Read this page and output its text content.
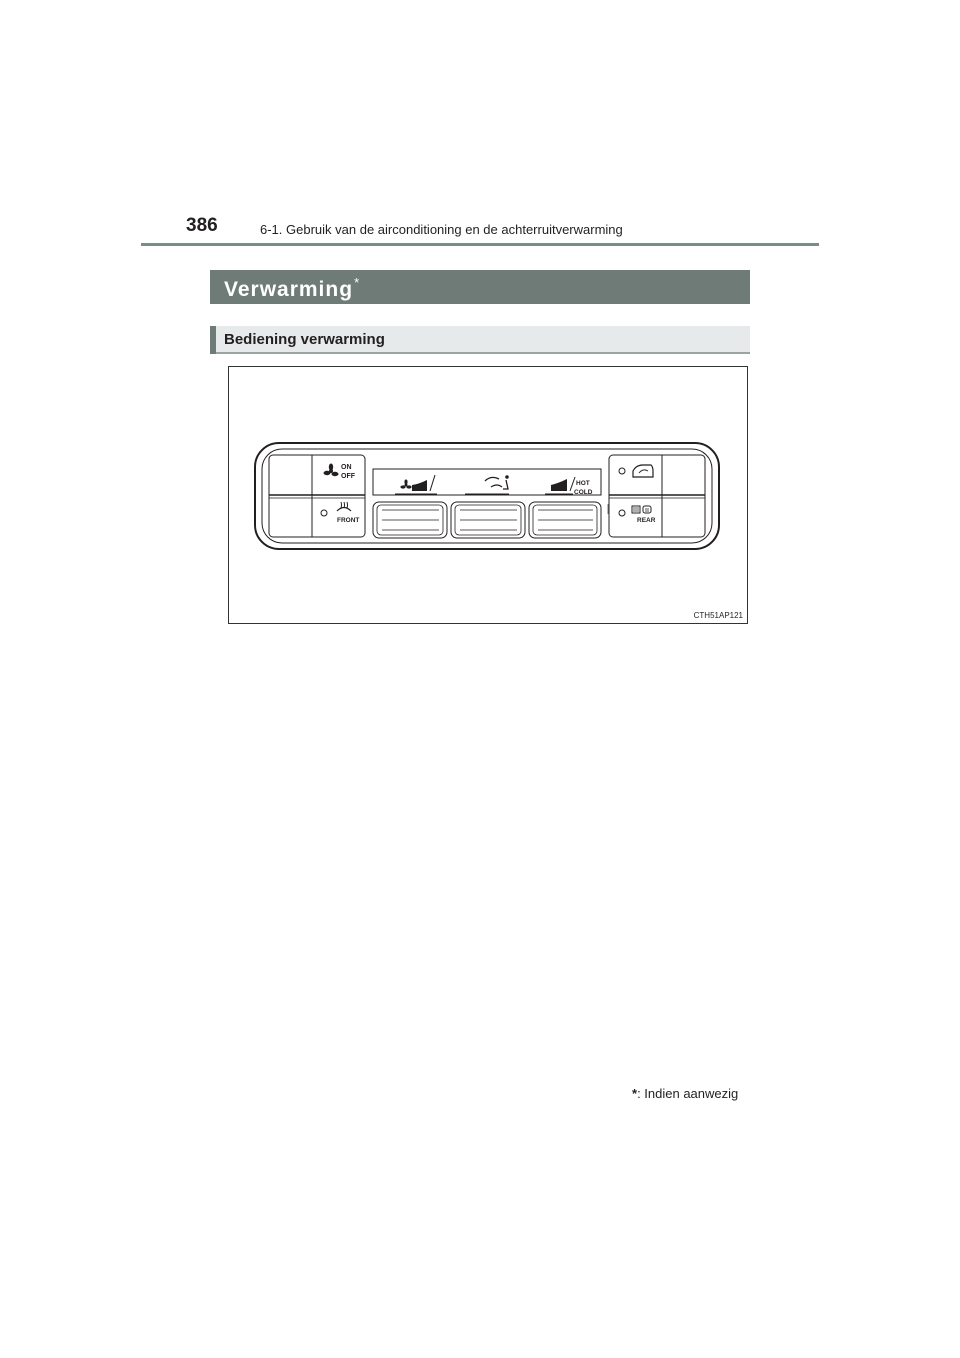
386	6-1. Gebruik van de airconditioning en de achterruitverwarming
Verwarming*
Bediening verwarming
ON
OFF
FRONT
HOT
COLD
REAR
CTH51AP121
*: Indien aanwezig
